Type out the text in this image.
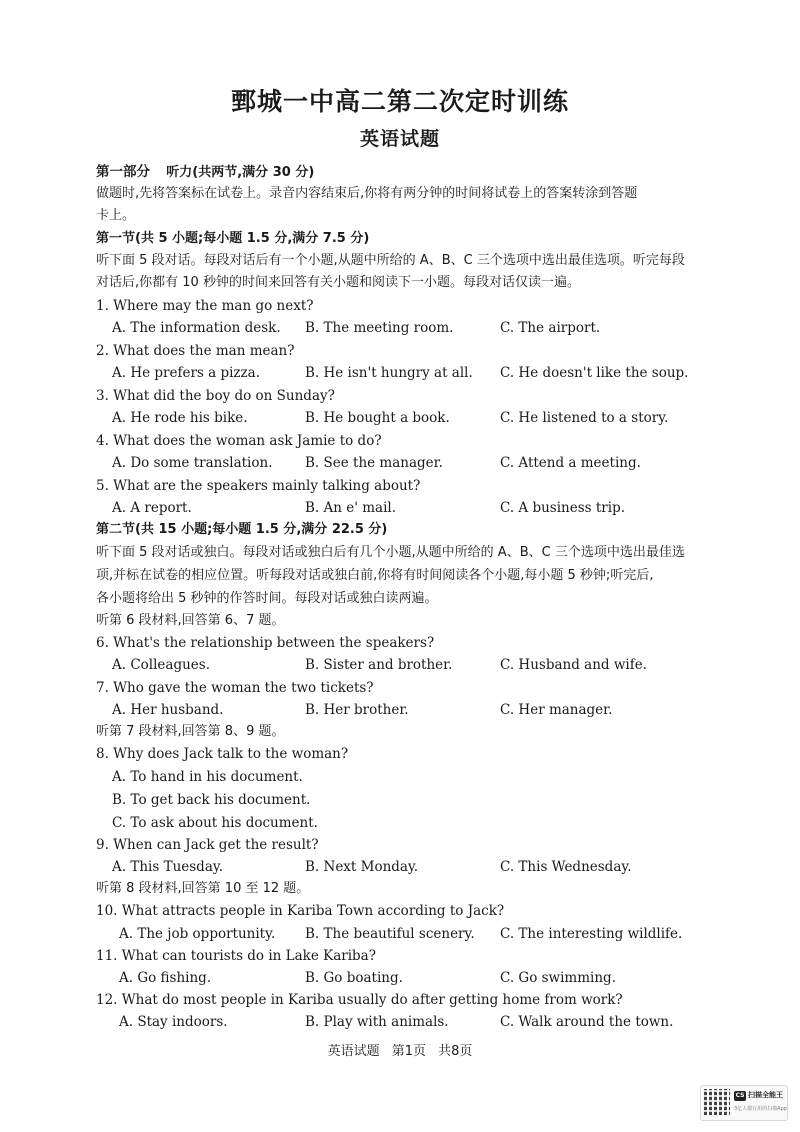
鄄城一中高二第二次定时训练
英语试题
第一部分 听力(共两节,满分 30 分)
做题时,先将答案标在试卷上。录音内容结束后,你将有两分钟的时间将试卷上的答案转涂到答题
卡上。
第一节(共 5 小题;每小题 1.5 分,满分 7.5 分)
听下面 5 段对话。每段对话后有一个小题,从题中所给的 A、B、C 三个选项中选出最佳选项。听完每段
对话后,你都有 10 秒钟的时间来回答有关小题和阅读下一小题。每段对话仅读一遍。
1. Where may the man go next?
A. The information desk. B. The meeting room.	C. The airport.
2. What does the man mean?
A. He prefers a pizza.	B. He isn't hungry at all. C. He doesn't like the soup.
3. What did the boy do on Sunday?
A. He rode his bike.	B. He bought a book.	C. He listened to a story.
4. What does the woman ask Jamie to do?
A. Do some translation. B. See the manager.	C. Attend a meeting.
5. What are the speakers mainly talking about?
A. A report.	B. An e' mail.	C. A business trip.
第二节(共 15 小题;每小题 1.5 分,满分 22.5 分)
听下面 5 段对话或独白。每段对话或独白后有几个小题,从题中所给的 A、B、C 三个选项中选出最佳选
项,并标在试卷的相应位置。听每段对话或独白前,你将有时间阅读各个小题,每小题 5 秒钟;听完后,
各小题将给出 5 秒钟的作答时间。每段对话或独白读两遍。
听第 6 段材料,回答第 6、7 题。
6. What's the relationship between the speakers?
A. Colleagues.	B. Sister and brother.	C. Husband and wife.
7. Who gave the woman the two tickets?
A. Her husband.	B. Her brother.	C. Her manager.
听第 7 段材料,回答第 8、9 题。
8. Why does Jack talk to the woman?
A. To hand in his document.
B. To get back his document.
C. To ask about his document.
9. When can Jack get the result?
A. This Tuesday.	B. Next Monday.	C. This Wednesday.
听第 8 段材料,回答第 10 至 12 题。
10. What attracts people in Kariba Town according to Jack?
A. The job opportunity. B. The beautiful scenery. C. The interesting wildlife.
11. What can tourists do in Lake Kariba?
A. Go fishing.	B. Go boating.	C. Go swimming.
12. What do most people in Kariba usually do after getting home from work?
A. Stay indoors.	B. Play with animals.	C. Walk around the town.
英语试题 第1页 共8页
CS 扫描全能王
3亿人都在用的扫描App
